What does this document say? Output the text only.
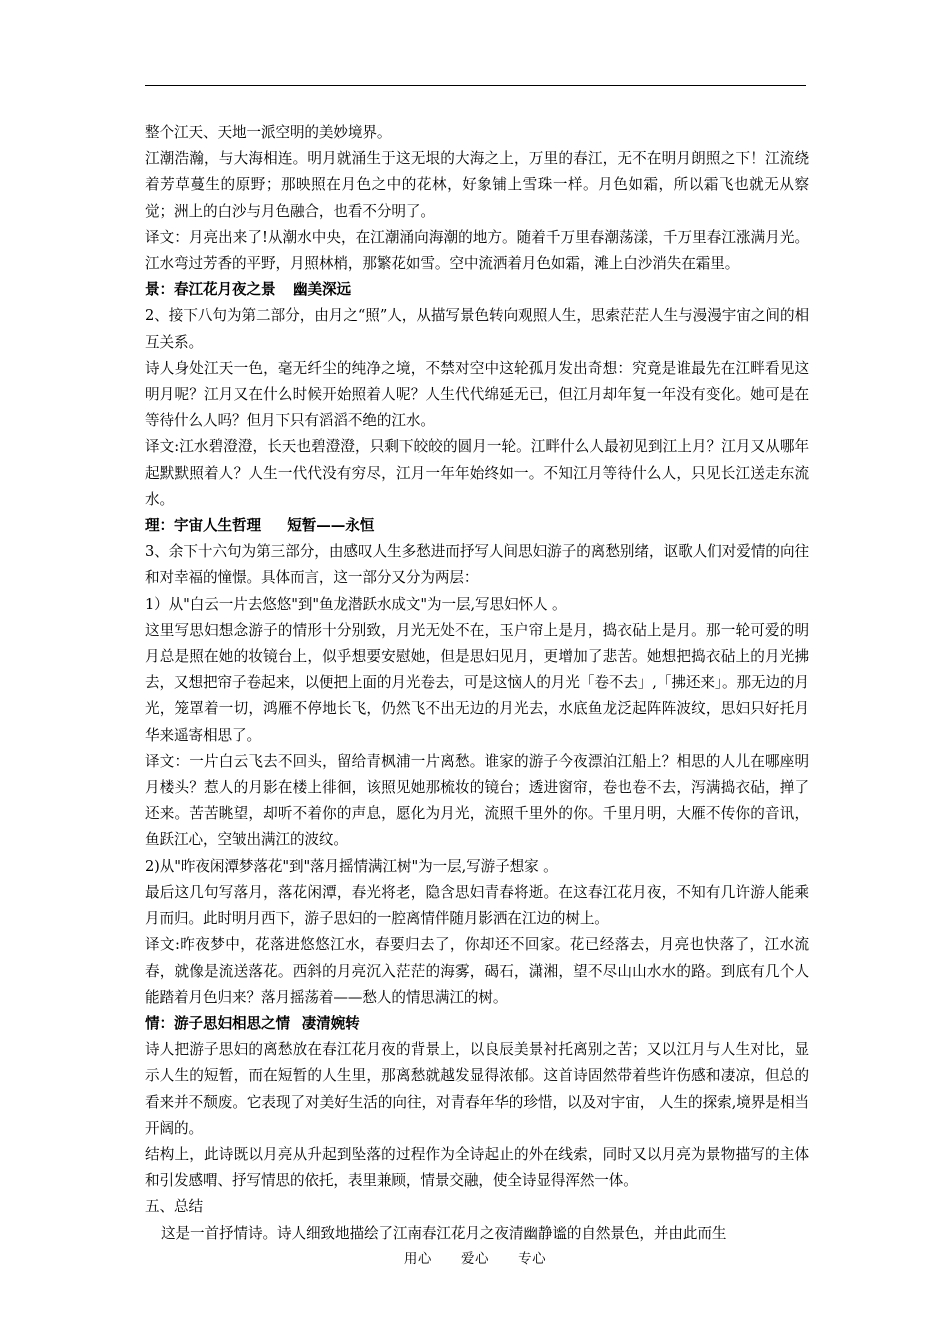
整个江天、天地一派空明的美妙境界。

江潮浩瀚，与大海相连。明月就涌生于这无垠的大海之上，万里的春江，无不在明月朗照之下！江流绕着芳草蔓生的原野；那映照在月色之中的花林，好象铺上雪珠一样。月色如霜，所以霜飞也就无从察觉；洲上的白沙与月色融合，也看不分明了。

译文：月亮出来了!从潮水中央，在江潮涌向海潮的地方。随着千万里春潮荡漾，千万里春江涨满月光。江水弯过芳香的平野，月照林梢，那繁花如雪。空中流洒着月色如霜，滩上白沙消失在霜里。

景：春江花月夜之景 幽美深远

2、接下八句为第二部分，由月之“照”人，从描写景色转向观照人生，思索茫茫人生与漫漫宇宙之间的相互关系。

诗人身处江天一色，毫无纤尘的纯净之境，不禁对空中这轮孤月发出奇想：究竟是谁最先在江畔看见这明月呢？江月又在什么时候开始照着人呢？人生代代绵延无已，但江月却年复一年没有变化。她可是在等待什么人吗？但月下只有滔滔不绝的江水。

译文:江水碧澄澄，长天也碧澄澄，只剩下皎皎的圆月一轮。江畔什么人最初见到江上月？江月又从哪年起默默照着人？人生一代代没有穷尽，江月一年年始终如一。不知江月等待什么人，只见长江送走东流水。

理：宇宙人生哲理 短暂——永恒

3、余下十六句为第三部分，由感叹人生多愁进而抒写人间思妇游子的离愁别绪，讴歌人们对爱情的向往和对幸福的憧憬。具体而言，这一部分又分为两层：

1）从"白云一片去悠悠"到"鱼龙潜跃水成文"为一层,写思妇怀人 。

这里写思妇想念游子的情形十分别致，月光无处不在，玉户帘上是月，捣衣砧上是月。那一轮可爱的明月总是照在她的妆镜台上，似乎想要安慰她，但是思妇见月，更增加了悲苦。她想把捣衣砧上的月光拂去，又想把帘子卷起来，以便把上面的月光卷去，可是这恼人的月光「卷不去」,「拂还来」。那无边的月光，笼罩着一切，鸿雁不停地长飞，仍然飞不出无边的月光去，水底鱼龙泛起阵阵波纹，思妇只好托月华来遥寄相思了。

译文：一片白云飞去不回头，留给青枫浦一片离愁。谁家的游子今夜漂泊江船上？相思的人儿在哪座明月楼头？惹人的月影在楼上徘徊，该照见她那梳妆的镜台；透进窗帘，卷也卷不去，泻满捣衣砧，掸了还来。苦苦眺望，却听不着你的声息，愿化为月光，流照千里外的你。千里月明，大雁不传你的音讯，鱼跃江心，空皱出满江的波纹。

2)从"昨夜闲潭梦落花"到"落月摇情满江树"为一层,写游子想家 。

最后这几句写落月，落花闲潭，春光将老，隐含思妇青春将逝。在这春江花月夜，不知有几许游人能乘月而归。此时明月西下，游子思妇的一腔离情伴随月影洒在江边的树上。

译文:昨夜梦中，花落进悠悠江水，春要归去了，你却还不回家。花已经落去，月亮也快落了，江水流春，就像是流送落花。西斜的月亮沉入茫茫的海雾，碣石，潇湘，望不尽山山水水的路。到底有几个人能踏着月色归来？落月摇荡着——愁人的情思满江的树。

情：游子思妇相思之情 凄清婉转

诗人把游子思妇的离愁放在春江花月夜的背景上，以良辰美景衬托离别之苦；又以江月与人生对比，显示人生的短暂，而在短暂的人生里，那离愁就越发显得浓郁。这首诗固然带着些许伤感和凄凉，但总的看来并不颓废。它表现了对美好生活的向往，对青春年华的珍惜，以及对宇宙， 人生的探索,境界是相当开阔的。

结构上，此诗既以月亮从升起到坠落的过程作为全诗起止的外在线索，同时又以月亮为景物描写的主体和引发感喟、抒写情思的依托，表里兼顾，情景交融，使全诗显得浑然一体。

五、总结

这是一首抒情诗。诗人细致地描绘了江南春江花月之夜清幽静谧的自然景色，并由此而生

用心 爱心 专心
